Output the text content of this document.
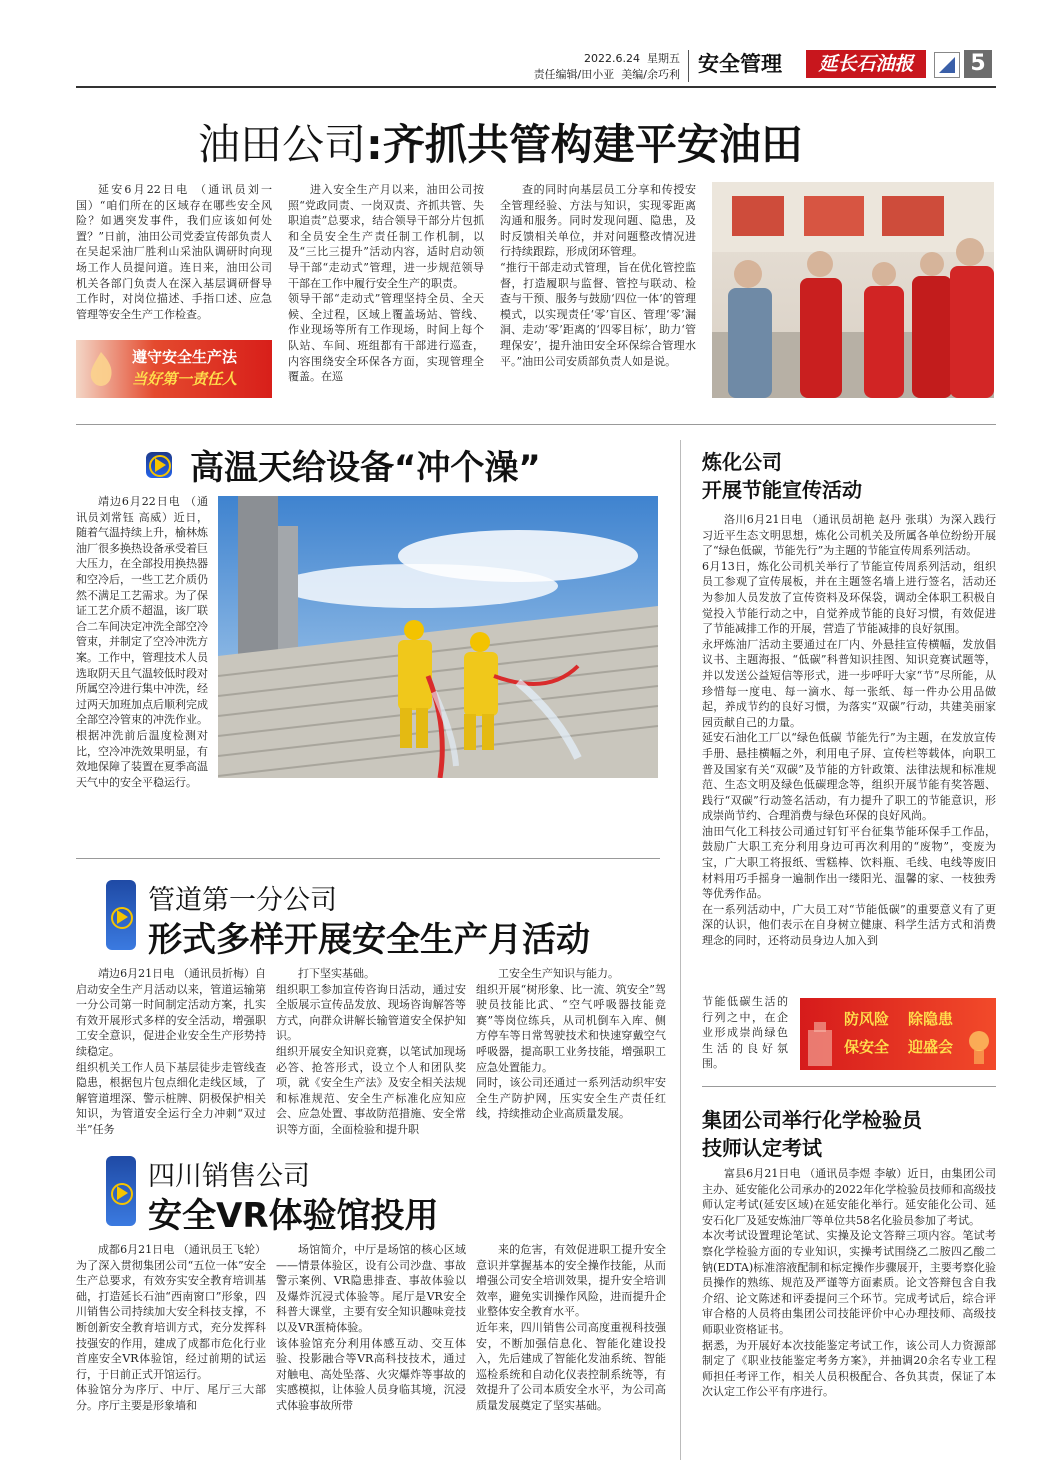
2022.6.24 星期五
责任编辑/田小亚 美编/余巧利 安全管理	延长石油报	5
油田公司:齐抓共管构建平安油田
延安6月22日电 （通讯员刘一国）“咱们所在的区域存在哪些安全风险？如遇突发事件，我们应该如何处置？”日前，油田公司党委宣传部负责人在吴起采油厂胜利山采油队调研时向现场工作人员提问道。连日来，油田公司机关各部门负责人在深入基层调研督导工作时，对岗位描述、手指口述、应急管理等安全生产工作检查。
遵守安全生产法
当好第一责任人
进入安全生产月以来，油田公司按照“党政同责、一岗双责、齐抓共管、失职追责”总要求，结合领导干部分片包抓和全员安全生产责任制工作机制，以及“三比三提升”活动内容，适时启动领导干部“走动式”管理，进一步规范领导干部在工作中履行安全生产的职责。
领导干部“走动式”管理坚持全员、全天候、全过程，区域上覆盖场站、管线、作业现场等所有工作现场，时间上每个队站、车间、班组都有干部进行巡查，内容围绕安全环保各方面，实现管理全覆盖。在巡
查的同时向基层员工分享和传授安全管理经验、方法与知识，实现零距离沟通和服务。同时发现问题、隐患，及时反馈相关单位，并对问题整改情况进行持续跟踪，形成闭环管理。
“推行干部走动式管理，旨在优化管控监督，打造履职与监督、管控与联动、检查与干预、服务与鼓励‘四位一体’的管理模式，以实现责任‘零’盲区、管理‘零’漏洞、走动‘零’距离的‘四零目标’，助力‘管理保安’，提升油田安全环保综合管理水平。”油田公司安质部负责人如是说。
高温天给设备“冲个澡”
靖边6月22日电 （通讯员刘常钰 高威）近日，随着气温持续上升，榆林炼油厂很多换热设备承受着巨大压力，在全部投用换热器和空冷后，一些工艺介质仍然不满足工艺需求。为了保证工艺介质不超温，该厂联合二车间决定冲洗全部空冷管束，并制定了空冷冲洗方案。工作中，管理技术人员选取阴天且气温较低时段对所属空冷进行集中冲洗，经过两天加班加点后顺利完成全部空冷管束的冲洗作业。根据冲洗前后温度检测对比，空冷冲洗效果明显，有效地保障了装置在夏季高温天气中的安全平稳运行。
管道第一分公司
形式多样开展安全生产月活动
靖边6月21日电 （通讯员折梅）自启动安全生产月活动以来，管道运输第一分公司第一时间制定活动方案，扎实有效开展形式多样的安全活动，增强职工安全意识，促进企业安全生产形势持续稳定。
组织机关工作人员下基层徒步走管线查隐患，根据包片包点细化走线区域，了解管道埋深、警示桩牌、阴极保护相关知识，为管道安全运行全力冲刺“双过半”任务
打下坚实基础。
组织职工参加宣传咨询日活动，通过安全版展示宣传品发放、现场咨询解答等方式，向群众讲解长输管道安全保护知识。
组织开展安全知识竞赛，以笔试加现场必答、抢答形式，设立个人和团队奖项，就《安全生产法》及安全相关法规和标准规范、安全生产标准化应知应会、应急处置、事故防范措施、安全常识等方面，全面检验和提升职
工安全生产知识与能力。
组织开展“树形象、比一流、筑安全”驾驶员技能比武、“空气呼吸器技能竞赛”等岗位练兵，从司机倒车入库、侧方停车等日常驾驶技术和快速穿戴空气呼吸器，提高职工业务技能，增强职工应急处置能力。
同时，该公司还通过一系列活动织牢安全生产防护网，压实安全生产责任红线，持续推动企业高质量发展。
四川销售公司
安全VR体验馆投用
成都6月21日电 （通讯员王飞轮）为了深入贯彻集团公司“五位一体”安全生产总要求，有效夯实安全教育培训基础，打造延长石油“西南窗口”形象，四川销售公司持续加大安全科技支撑，不断创新安全教育培训方式，充分发挥科技强安的作用，建成了成都市危化行业首座安全VR体验馆，经过前期的试运行，于日前正式开馆运行。
体验馆分为序厅、中厅、尾厅三大部分。序厅主要是形象墙和
场馆简介，中厅是场馆的核心区域——情景体验区，设有公司沙盘、事故警示案例、VR隐患排查、事故体验以及爆炸沉浸式体验等。尾厅是VR安全科普大课堂，主要有安全知识趣味竞技以及VR蛋椅体验。
该体验馆充分利用体感互动、交互体验、投影融合等VR高科技技术，通过对触电、高处坠落、火灾爆炸等事故的实感模拟，让体验人员身临其境，沉浸式体验事故所带
来的危害，有效促进职工提升安全意识并掌握基本的安全操作技能，从而增强公司安全培训效果，提升安全培训效率，避免实训操作风险，进而提升企业整体安全教育水平。
近年来，四川销售公司高度重视科技强安，不断加强信息化、智能化建设投入，先后建成了智能化发油系统、智能巡检系统和自动化仪表控制系统等，有效提升了公司本质安全水平，为公司高质量发展奠定了坚实基础。
炼化公司
开展节能宣传活动
洛川6月21日电 （通讯员胡艳 赵丹 张琪）为深入践行习近平生态文明思想，炼化公司机关及所属各单位纷纷开展了“绿色低碳，节能先行”为主题的节能宣传周系列活动。
6月13日，炼化公司机关举行了节能宣传周系列活动，组织员工参观了宣传展板，并在主题签名墙上进行签名，活动还为参加人员发放了宣传资料及环保袋，调动全体职工积极自觉投入节能行动之中，自觉养成节能的良好习惯，有效促进了节能减排工作的开展，营造了节能减排的良好氛围。
永坪炼油厂活动主要通过在厂内、外悬挂宣传横幅，发放倡议书、主题海报、“低碳”科普知识挂图、知识竞赛试题等，并以发送公益短信等形式，进一步呼吁大家“节”尽所能，从珍惜每一度电、每一滴水、每一张纸、每一件办公用品做起，养成节约的良好习惯，为落实“双碳”行动，共建美丽家园贡献自己的力量。
延安石油化工厂以“绿色低碳 节能先行”为主题，在发放宣传手册、悬挂横幅之外，利用电子屏、宣传栏等载体，向职工普及国家有关“双碳”及节能的方针政策、法律法规和标准规范、生态文明及绿色低碳理念等，组织开展节能有奖答题、践行“双碳”行动签名活动，有力提升了职工的节能意识，形成崇尚节约、合理消费与绿色环保的良好风尚。
油田气化工科技公司通过钉钉平台征集节能环保手工作品，鼓励广大职工充分利用身边可再次利用的“废物”，变废为宝，广大职工将报纸、雪糕棒、饮料瓶、毛线、电线等废旧材料用巧手摇身一遍制作出一缕阳光、温馨的家、一枝独秀等优秀作品。
在一系列活动中，广大员工对“节能低碳”的重要意义有了更深的认识，他们表示在自身树立健康、科学生活方式和消费理念的同时，还将动员身边人加入到
节能低碳生活的行列之中，在企业形成崇尚绿色生活的良好氛围。
防风险
保安全
除隐患
迎盛会
集团公司举行化学检验员
技师认定考试
富县6月21日电 （通讯员李煜 李敏）近日，由集团公司主办、延安能化公司承办的2022年化学检验员技师和高级技师认定考试(延安区域)在延安能化举行。延安能化公司、延安石化厂及延安炼油厂等单位共58名化验员参加了考试。
本次考试设置理论笔试、实操及论文答辩三项内容。笔试考察化学检验方面的专业知识，实操考试围绕乙二胺四乙酸二钠(EDTA)标准溶液配制和标定操作步骤展开，主要考察化验员操作的熟练、规范及严谨等方面素质。论文答辩包含自我介绍、论文陈述和评委提问三个环节。完成考试后，综合评审合格的人员将由集团公司技能评价中心办理技师、高级技师职业资格证书。
据悉，为开展好本次技能鉴定考试工作，该公司人力资源部制定了《职业技能鉴定考务方案》，并抽调20余名专业工程师担任考评工作，相关人员积极配合、各负其责，保证了本次认定工作公平有序进行。
